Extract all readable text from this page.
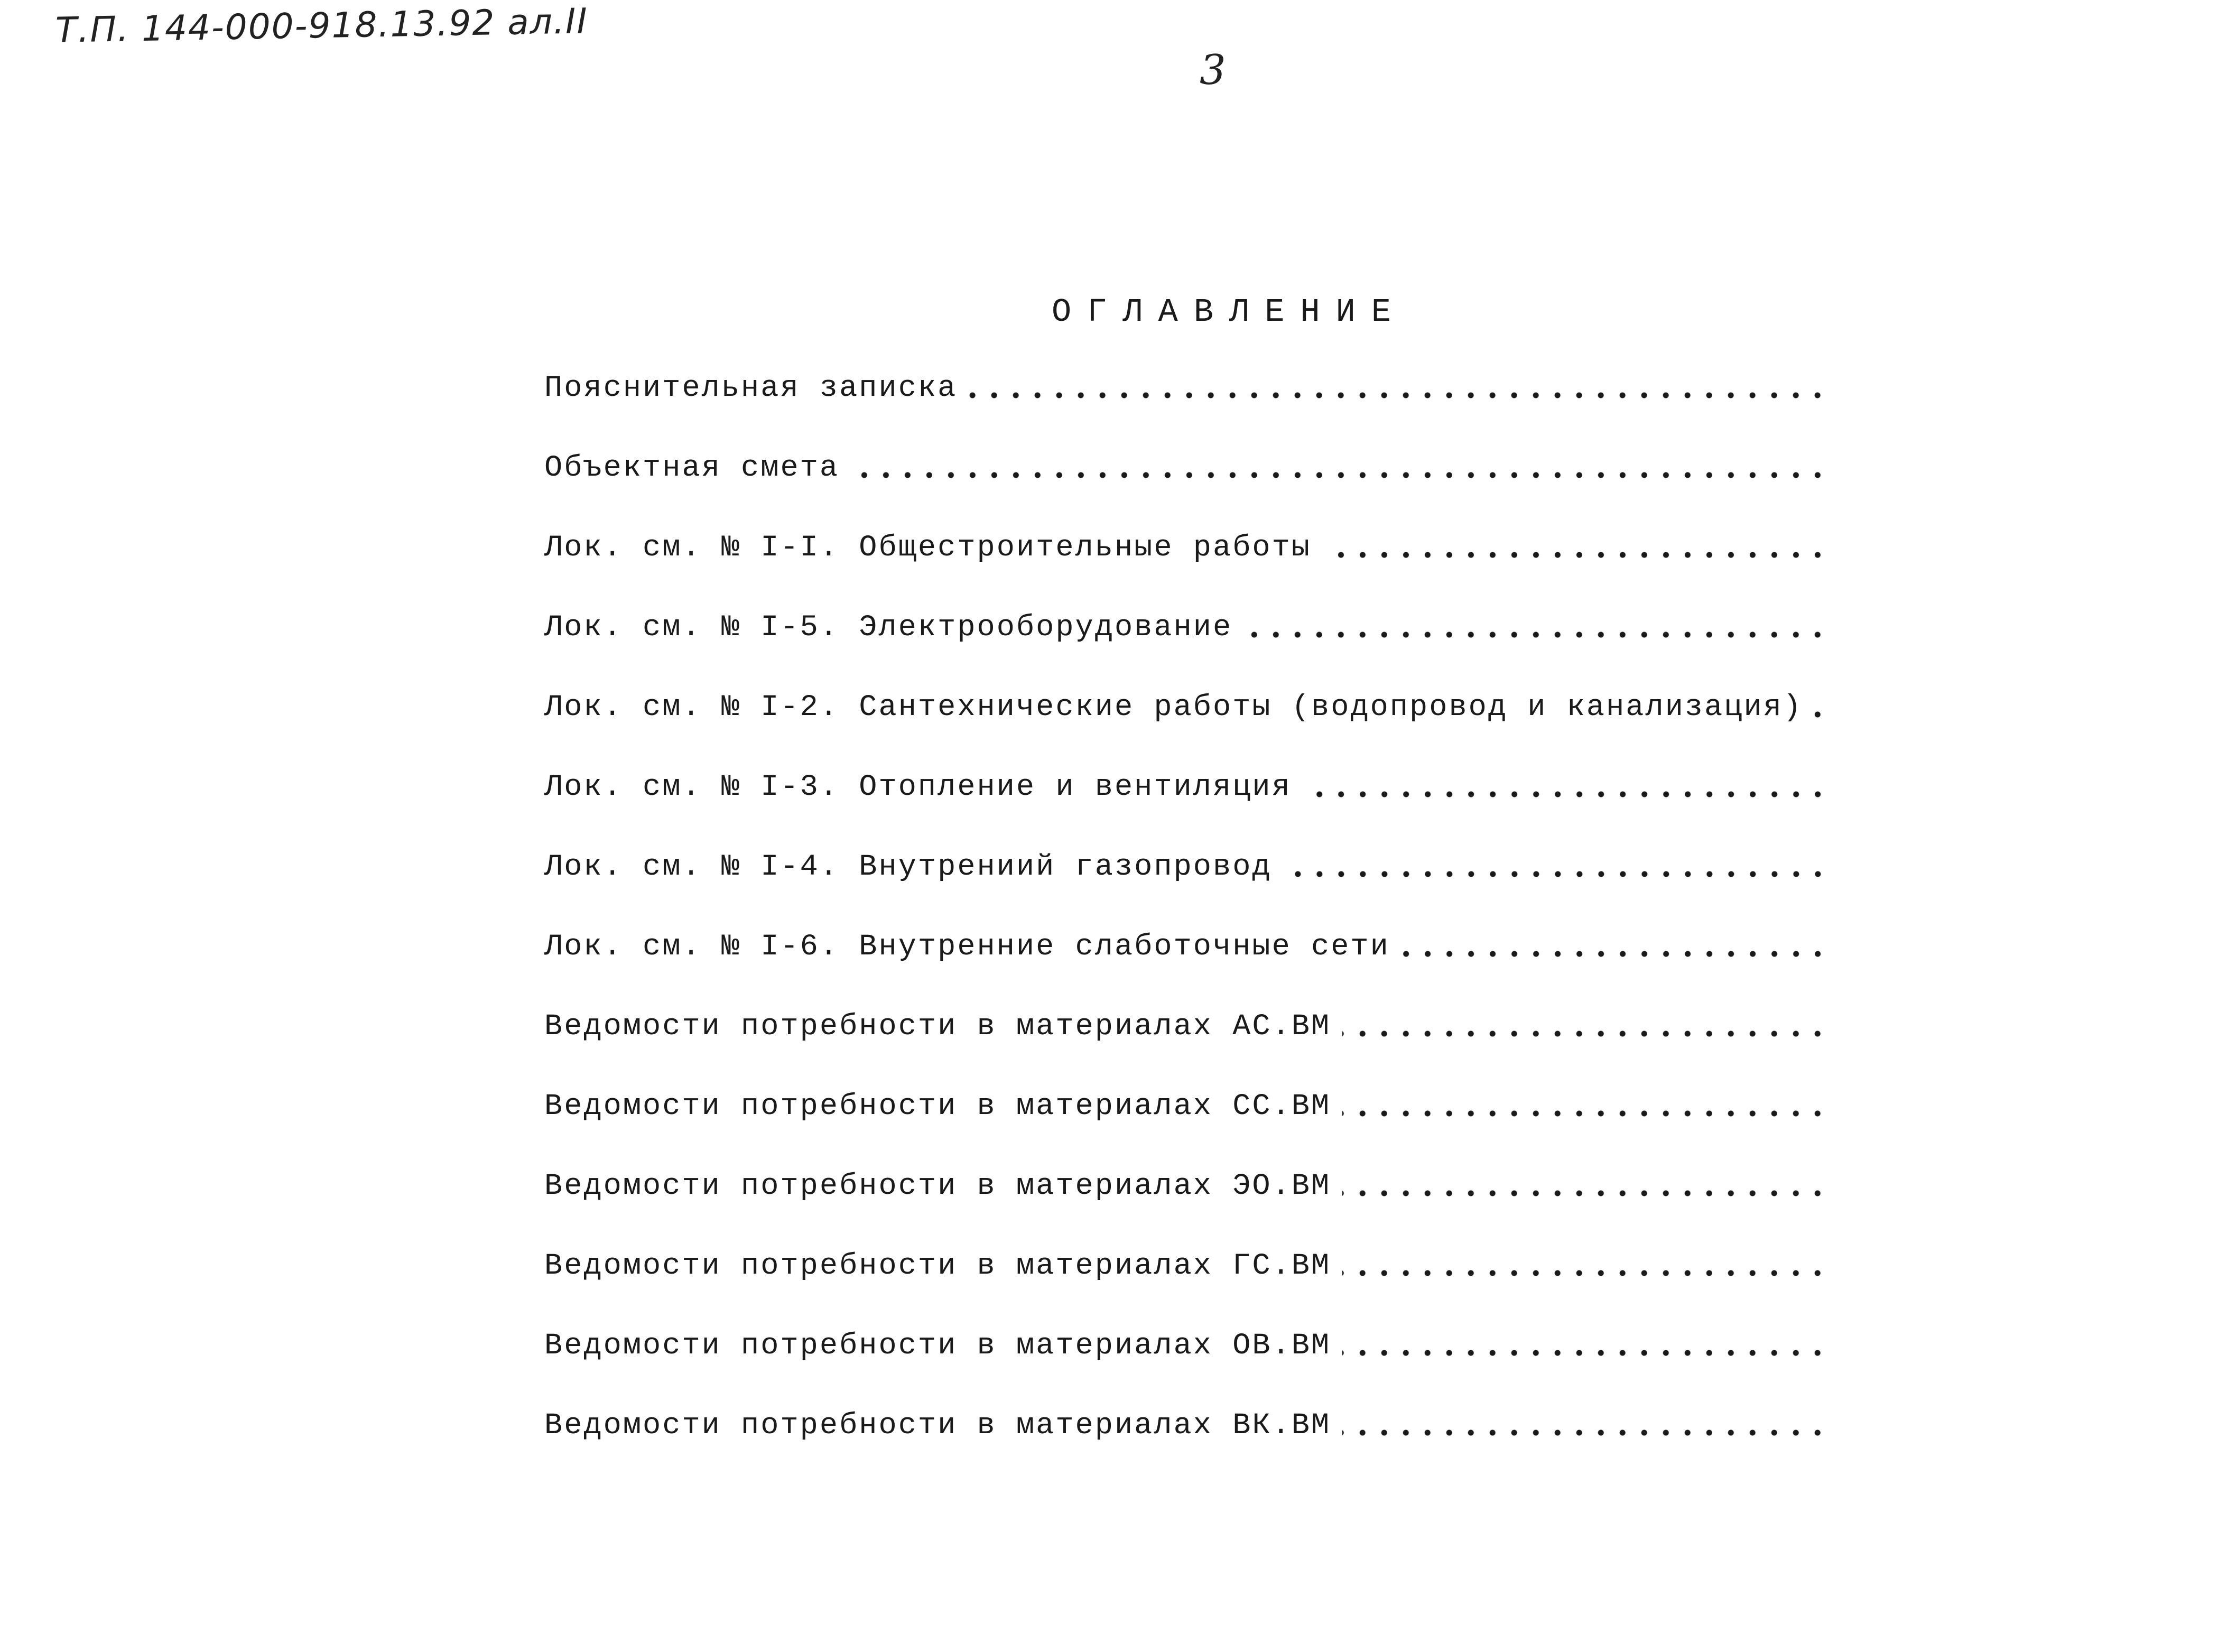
Т.П. 144-000-918.13.92 ал.II
3
ОГЛАВЛЕНИЕ
Пояснительная записка
Объектная смета
Лок. см. № I-I. Общестроительные работы
Лок. см. № I-5. Электрооборудование
Лок. см. № I-2. Сантехнические работы (водопровод и канализация)
Лок. см. № I-3. Отопление и вентиляция
Лок. см. № I-4. Внутрениий газопровод
Лок. см. № I-6. Внутренние слаботочные сети
Ведомости потребности в материалах АС.ВМ
Ведомости потребности в материалах СС.ВМ
Ведомости потребности в материалах ЭО.ВМ
Ведомости потребности в материалах ГС.ВМ
Ведомости потребности в материалах ОВ.ВМ
Ведомости потребности в материалах ВК.ВМ
